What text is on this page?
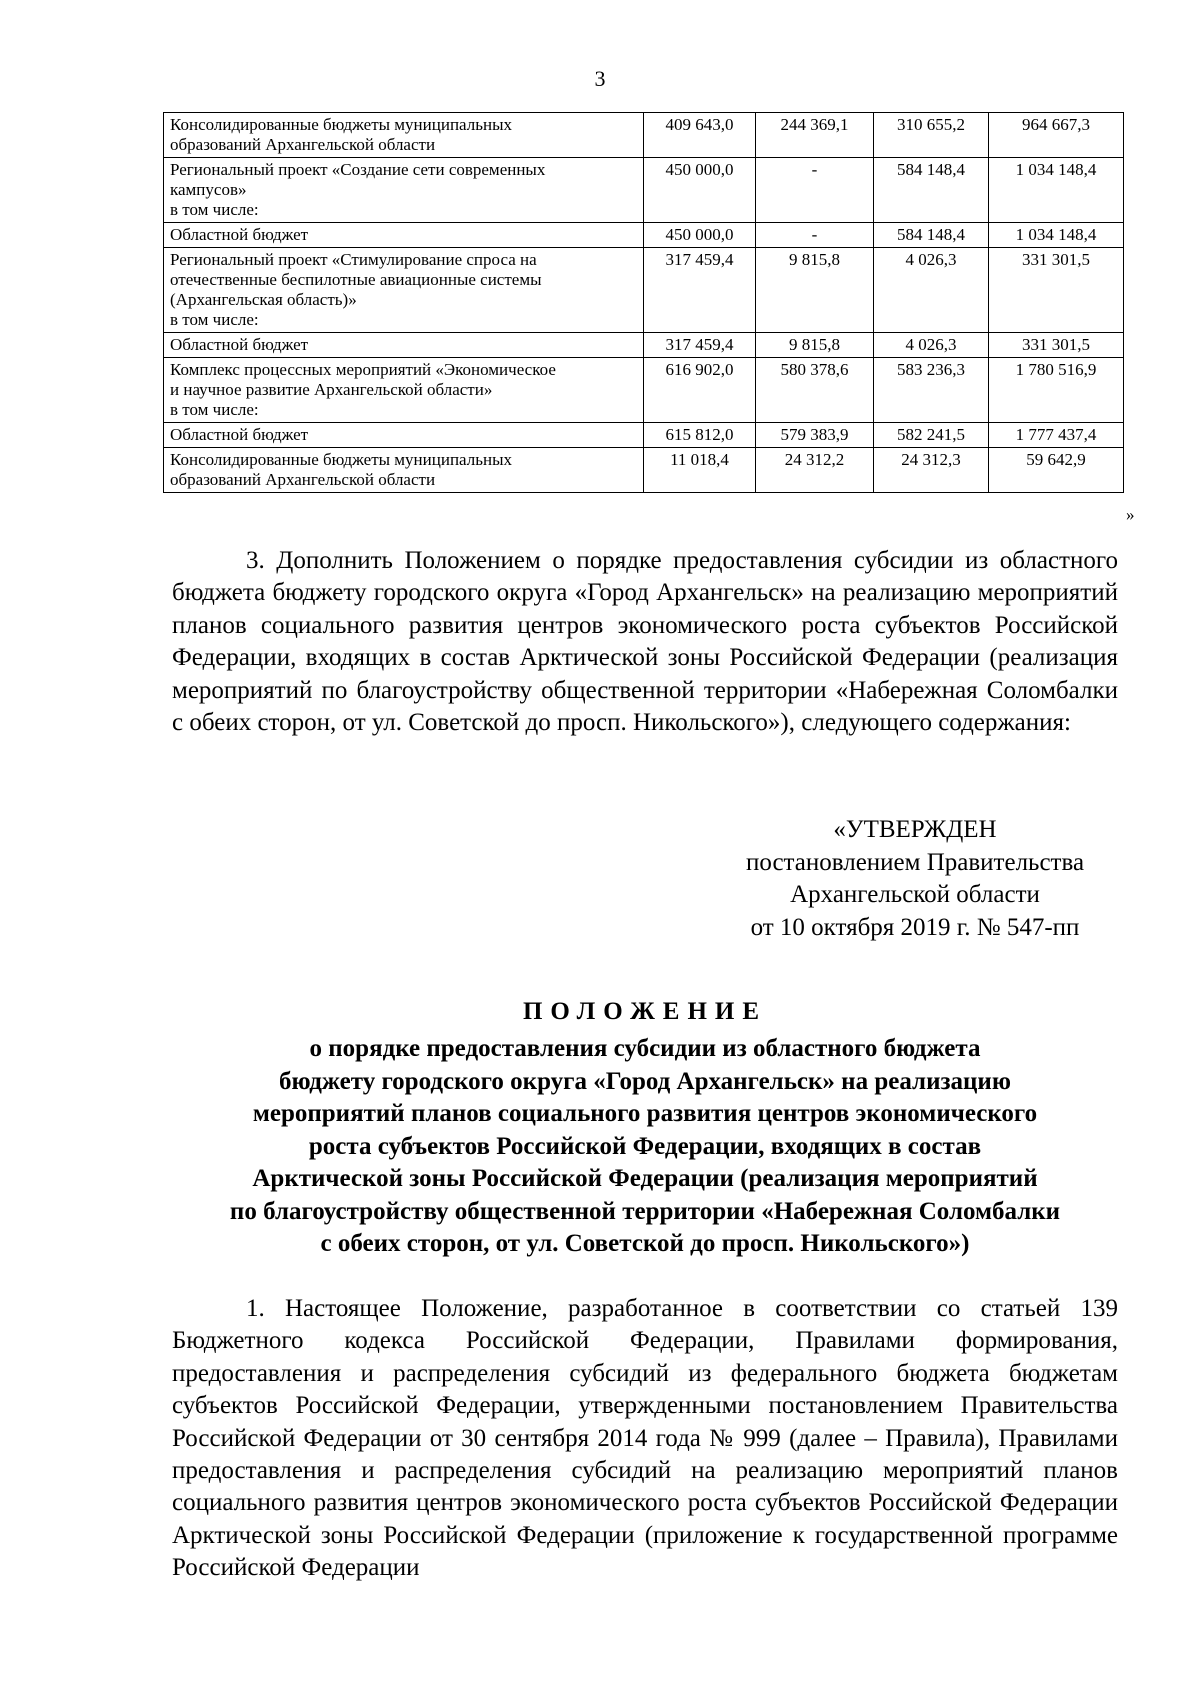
3
Консолидированные бюджеты муниципальных
образований Архангельской области	409 643,0	244 369,1	310 655,2	964 667,3
Региональный проект «Создание сети современных
кампусов»
в том числе:	450 000,0	-	584 148,4	1 034 148,4
Областной бюджет	450 000,0	-	584 148,4	1 034 148,4
Региональный проект «Стимулирование спроса на
отечественные беспилотные авиационные системы
(Архангельская область)»
в том числе:	317 459,4	9 815,8	4 026,3	331 301,5
Областной бюджет	317 459,4	9 815,8	4 026,3	331 301,5
Комплекс процессных мероприятий «Экономическое
и научное развитие Архангельской области»
в том числе:	616 902,0	580 378,6	583 236,3	1 780 516,9
Областной бюджет	615 812,0	579 383,9	582 241,5	1 777 437,4
Консолидированные бюджеты муниципальных
образований Архангельской области	11 018,4	24 312,2	24 312,3	59 642,9
»

3. Дополнить Положением о порядке предоставления субсидии из областного бюджета бюджету городского округа «Город Архангельск» на реализацию мероприятий планов социального развития центров экономического роста субъектов Российской Федерации, входящих в состав Арктической зоны Российской Федерации (реализация мероприятий по благоустройству общественной территории «Набережная Соломбалки с обеих сторон, от ул. Советской до просп. Никольского»), следующего содержания:

«УТВЕРЖДЕН
постановлением Правительства
Архангельской области
от 10 октября 2019 г. № 547-пп
ПОЛОЖЕНИЕ
о порядке предоставления субсидии из областного бюджета
бюджету городского округа «Город Архангельск» на реализацию
мероприятий планов социального развития центров экономического
роста субъектов Российской Федерации, входящих в состав
Арктической зоны Российской Федерации (реализация мероприятий
по благоустройству общественной территории «Набережная Соломбалки
с обеих сторон, от ул. Советской до просп. Никольского»)

1. Настоящее Положение, разработанное в соответствии со статьей 139 Бюджетного кодекса Российской Федерации, Правилами формирования, предоставления и распределения субсидий из федерального бюджета бюджетам субъектов Российской Федерации, утвержденными постановлением Правительства Российской Федерации от 30 сентября 2014 года № 999 (далее – Правила), Правилами предоставления и распределения субсидий на реализацию мероприятий планов социального развития центров экономического роста субъектов Российской Федерации Арктической зоны Российской Федерации (приложение к государственной программе Российской Федерации
